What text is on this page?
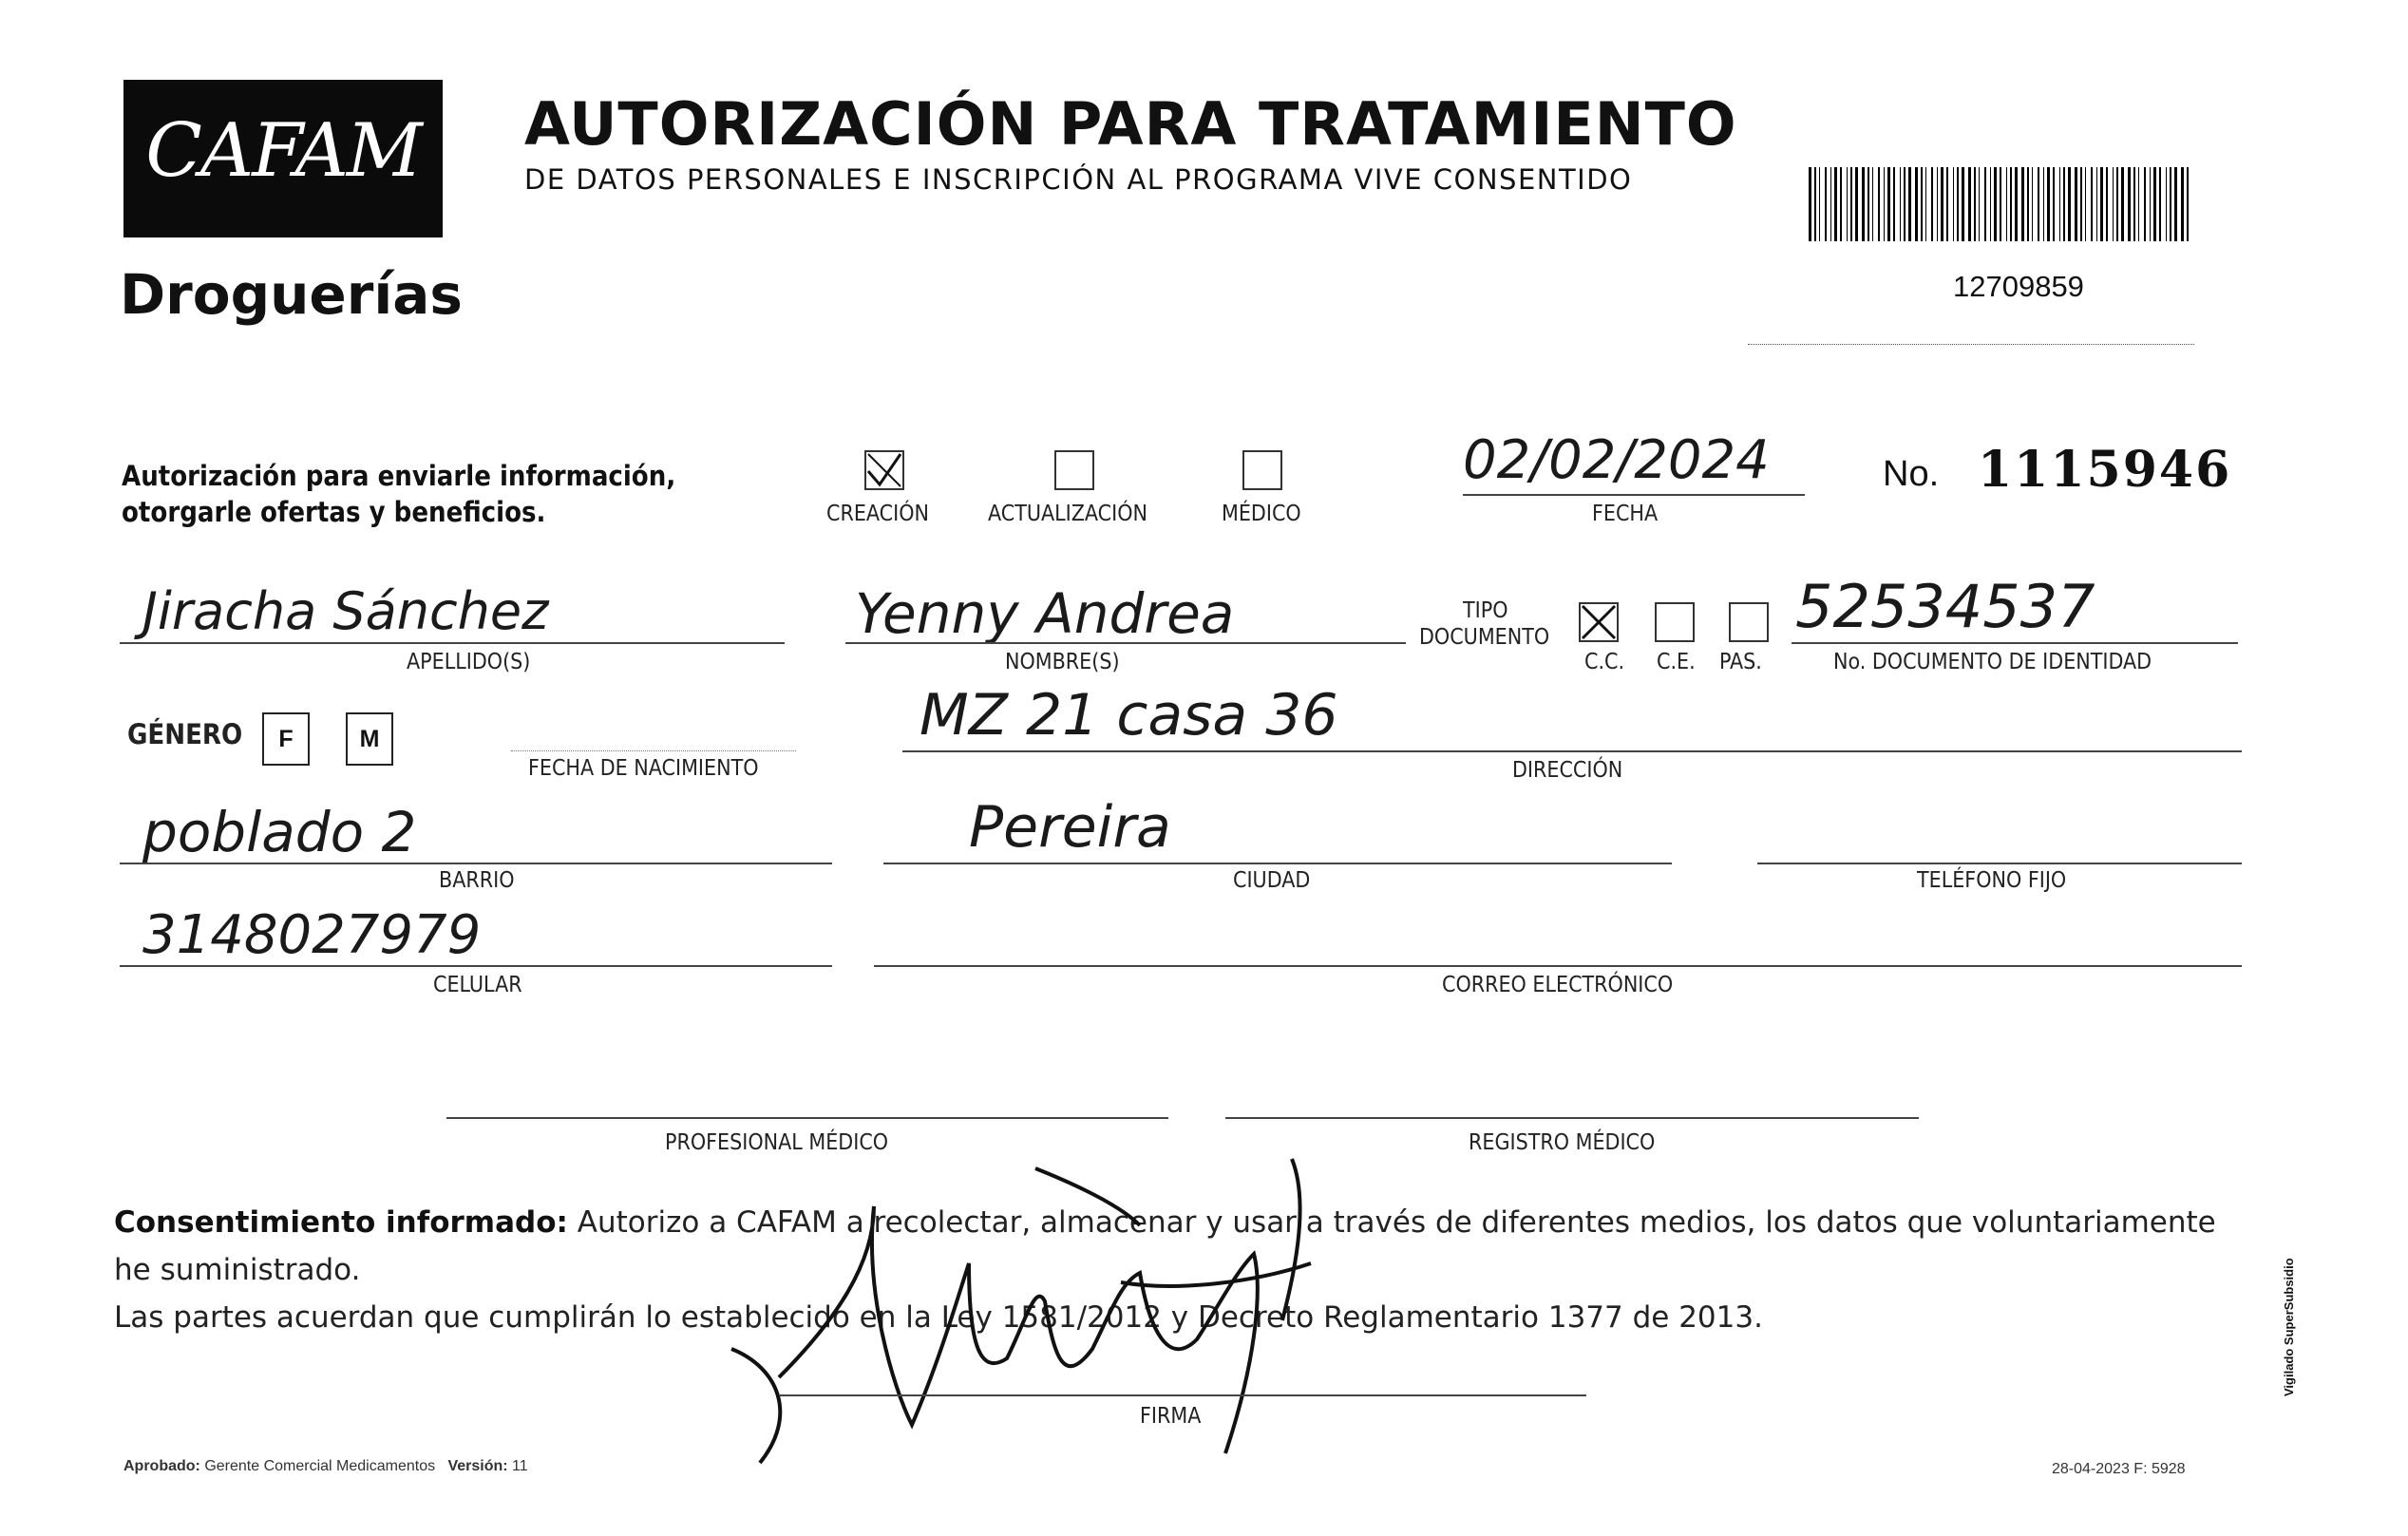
CAFAM
Droguerías
AUTORIZACIÓN PARA TRATAMIENTO
DE DATOS PERSONALES E INSCRIPCIÓN AL PROGRAMA VIVE CONSENTIDO
12709859
Autorización para enviarle información,
otorgarle ofertas y beneficios.	CREACIÓN	ACTUALIZACIÓN	MÉDICO
02/02/2024
FECHA
No. 1115946
Jiracha Sánchez
APELLIDO(S)
Yenny Andrea
NOMBRE(S)
TIPO
DOCUMENTO
C.C. C.E. PAS.
52534537
No. DOCUMENTO DE IDENTIDAD
GÉNERO	F	M
FECHA DE NACIMIENTO
MZ 21 casa 36
DIRECCIÓN
poblado 2
BARRIO
Pereira
CIUDAD	TELÉFONO FIJO
3148027979
CELULAR	CORREO ELECTRÓNICO
PROFESIONAL MÉDICO	REGISTRO MÉDICO
Consentimiento informado: Autorizo a CAFAM a recolectar, almacenar y usar a través de diferentes medios, los datos que voluntariamente he suministrado.
Las partes acuerdan que cumplirán lo establecido en la Ley 1581/2012 y Decreto Reglamentario 1377 de 2013.
FIRMA
Aprobado: Gerente Comercial Medicamentos Versión: 11	28-04-2023 F: 5928
Vigilado SuperSubsidio
